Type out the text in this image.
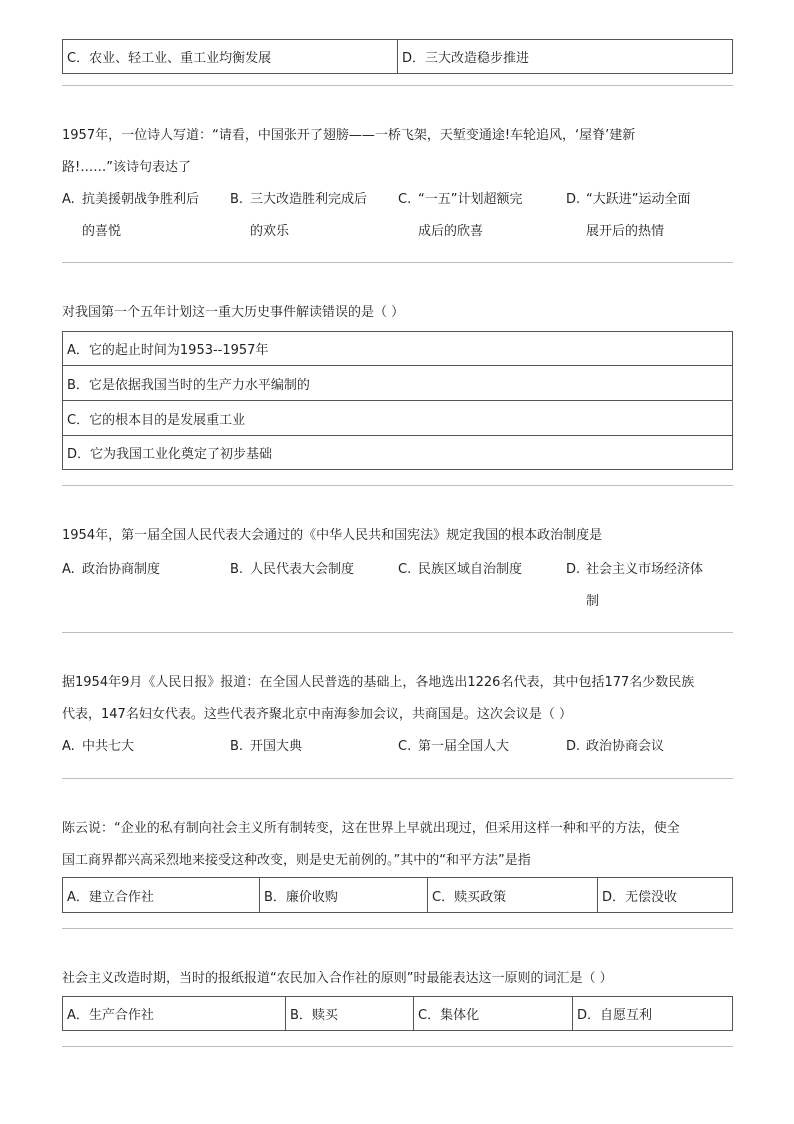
C．农业、轻工业、重工业均衡发展	D．三大改造稳步推进
1957年，一位诗人写道：“请看，中国张开了翅膀——一桥飞架，天堑变通途!车轮追风，‘屋脊’建新
路!……”该诗句表达了
A. 抗美援朝战争胜利后
的喜悦
B. 三大改造胜利完成后
的欢乐
C. “一五”计划超额完
成后的欣喜
D. “大跃进”运动全面
展开后的热情
对我国第一个五年计划这一重大历史事件解读错误的是（ ）
A．它的起止时间为1953--1957年
B．它是依据我国当时的生产力水平编制的
C．它的根本目的是发展重工业
D．它为我国工业化奠定了初步基础
1954年，第一届全国人民代表大会通过的《中华人民共和国宪法》规定我国的根本政治制度是
A. 政治协商制度	B. 人民代表大会制度	C. 民族区域自治制度	D. 社会主义市场经济体
制
据1954年9月《人民日报》报道：在全国人民普选的基础上，各地选出1226名代表，其中包括177名少数民族
代表，147名妇女代表。这些代表齐聚北京中南海参加会议，共商国是。这次会议是（ ）
A. 中共七大	B. 开国大典	C. 第一届全国人大	D. 政治协商会议
陈云说：“企业的私有制向社会主义所有制转变，这在世界上早就出现过，但采用这样一种和平的方法，使全
国工商界都兴高采烈地来接受这种改变，则是史无前例的。”其中的“和平方法”是指
A．建立合作社	B．廉价收购	C．赎买政策	D．无偿没收
社会主义改造时期，当时的报纸报道“农民加入合作社的原则”时最能表达这一原则的词汇是（ ）
A．生产合作社	B．赎买	C．集体化	D．自愿互利
